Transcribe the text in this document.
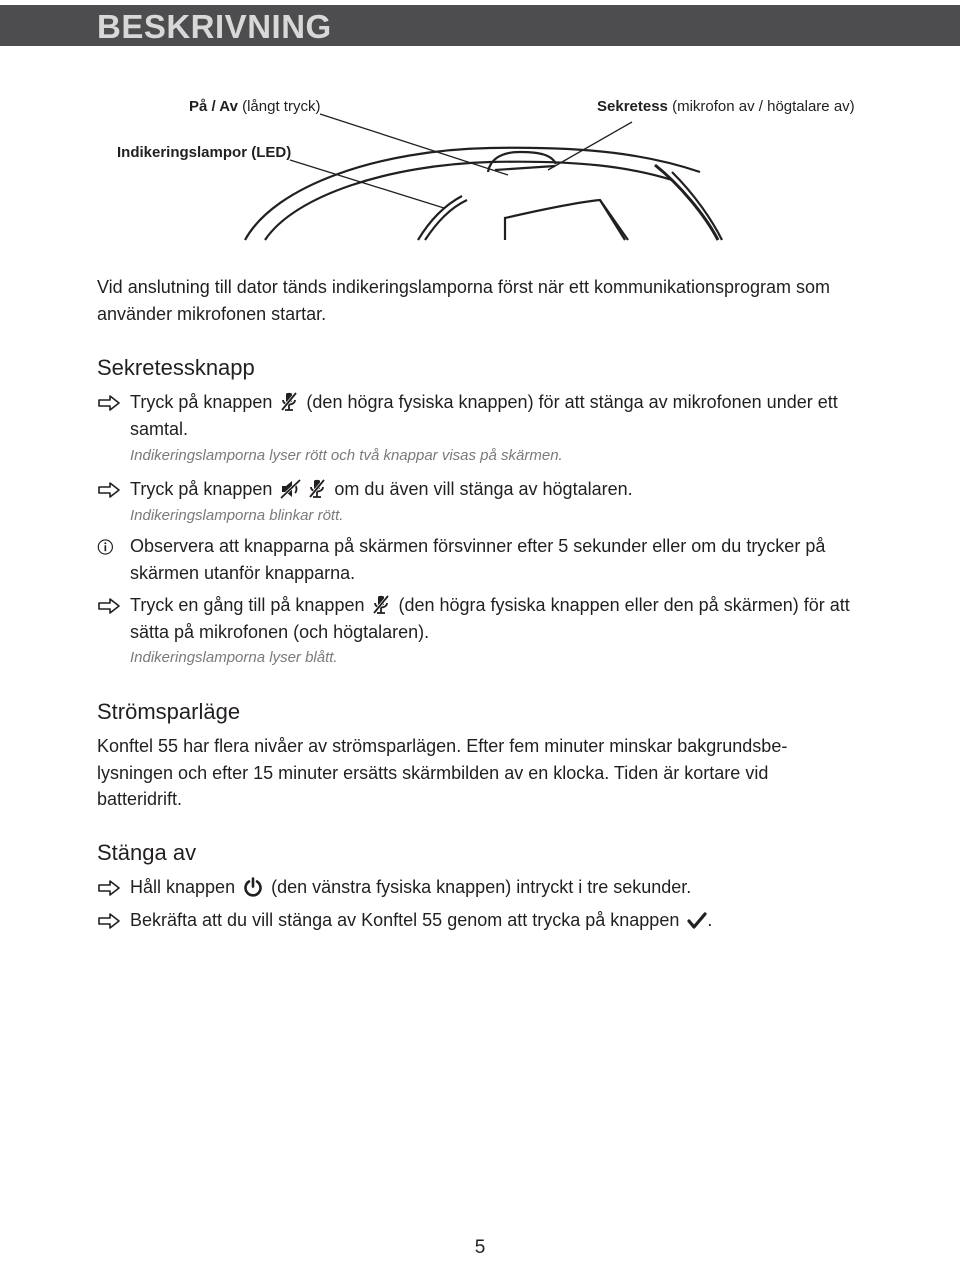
BESKRIVNING
På / Av (långt tryck)	Sekretess (mikrofon av / högtalare av)
Indikeringslampor (LED)

Vid anslutning till dator tänds indikeringslamporna först när ett kommunikationsprogram som använder mikrofonen startar.

Sekretessknapp
Tryck på knappen  (den högra fysiska knappen) för att stänga av mikrofonen under ett samtal.
Indikeringslamporna lyser rött och två knappar visas på skärmen.
Tryck på knappen	om du även vill stänga av högtalaren.
Indikeringslamporna blinkar rött.
Observera att knapparna på skärmen försvinner efter 5 sekunder eller om du trycker på skärmen utanför knapparna.
Tryck en gång till på knappen  (den högra fysiska knappen eller den på skärmen) för att sätta på mikrofonen (och högtalaren).
Indikeringslamporna lyser blått.
Strömsparläge

Konftel 55 har flera nivåer av strömsparlägen. Efter fem minuter minskar bakgrundsbe-lysningen och efter 15 minuter ersätts skärmbilden av en klocka. Tiden är kortare vid batteridrift.

Stänga av
Håll knappen  (den vänstra fysiska knappen) intryckt i tre sekunder.
Bekräfta att du vill stänga av Konftel 55 genom att trycka på knappen .
5
